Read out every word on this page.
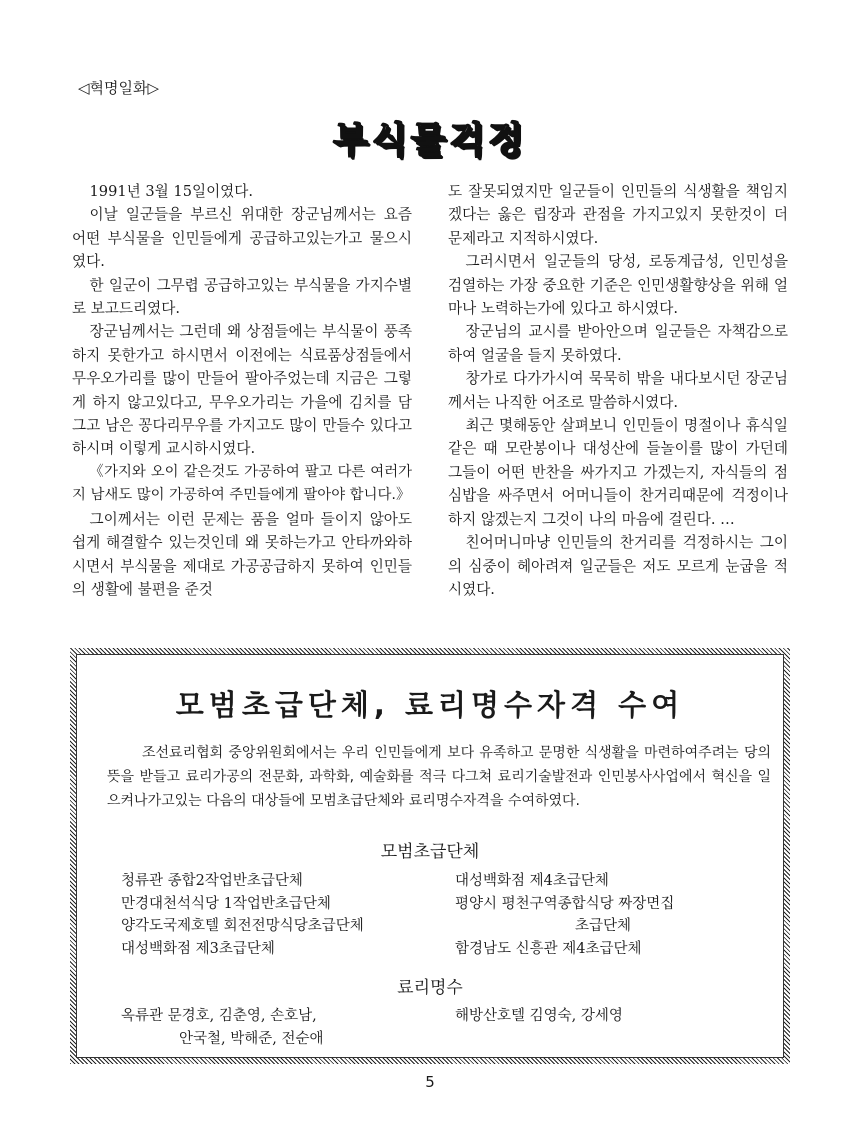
◁혁명일화▷
부식물걱정

1991년 3월 15일이였다.

이날 일군들을 부르신 위대한 장군님께서는 요즘 어떤 부식물을 인민들에게 공급하고있는가고 물으시였다.

한 일군이 그무렵 공급하고있는 부식물을 가지수별로 보고드리였다.

장군님께서는 그런데 왜 상점들에는 부식물이 풍족하지 못한가고 하시면서 이전에는 식료품상점들에서 무우오가리를 많이 만들어 팔아주었는데 지금은 그렇게 하지 않고있다고, 무우오가리는 가을에 김치를 담그고 남은 꽁다리무우를 가지고도 많이 만들수 있다고 하시며 이렇게 교시하시였다.

《가지와 오이 같은것도 가공하여 팔고 다른 여러가지 남새도 많이 가공하여 주민들에게 팔아야 합니다.》

그이께서는 이런 문제는 품을 얼마 들이지 않아도 쉽게 해결할수 있는것인데 왜 못하는가고 안타까와하시면서 부식물을 제대로 가공공급하지 못하여 인민들의 생활에 불편을 준것

도 잘못되였지만 일군들이 인민들의 식생활을 책임지겠다는 옳은 립장과 관점을 가지고있지 못한것이 더 문제라고 지적하시였다.

그러시면서 일군들의 당성, 로동계급성, 인민성을 검열하는 가장 중요한 기준은 인민생활향상을 위해 얼마나 노력하는가에 있다고 하시였다.

장군님의 교시를 받아안으며 일군들은 자책감으로 하여 얼굴을 들지 못하였다.

창가로 다가가시여 묵묵히 밖을 내다보시던 장군님께서는 나직한 어조로 말씀하시였다.

최근 몇해동안 살펴보니 인민들이 명절이나 휴식일 같은 때 모란봉이나 대성산에 들놀이를 많이 가던데 그들이 어떤 반찬을 싸가지고 가겠는지, 자식들의 점심밥을 싸주면서 어머니들이 찬거리때문에 걱정이나 하지 않겠는지 그것이 나의 마음에 걸린다. …

친어머니마냥 인민들의 찬거리를 걱정하시는 그이의 심중이 헤아려져 일군들은 저도 모르게 눈굽을 적시였다.

모범초급단체, 료리명수자격 수여

조선료리협회 중앙위원회에서는 우리 인민들에게 보다 유족하고 문명한 식생활을 마련하여주려는 당의 뜻을 받들고 료리가공의 전문화, 과학화, 예술화를 적극 다그쳐 료리기술발전과 인민봉사사업에서 혁신을 일으켜나가고있는 다음의 대상들에 모범초급단체와 료리명수자격을 수여하였다.

모범초급단체
청류관 종합2작업반초급단체
만경대천석식당 1작업반초급단체
양각도국제호텔 회전전망식당초급단체
대성백화점 제3초급단체
대성백화점 제4초급단체
평양시 평천구역종합식당 짜장면집
초급단체
함경남도 신흥관 제4초급단체
료리명수
옥류관 문경호, 김춘영, 손호남,
안국철, 박해준, 전순애
해방산호텔 김영숙, 강세영
5
